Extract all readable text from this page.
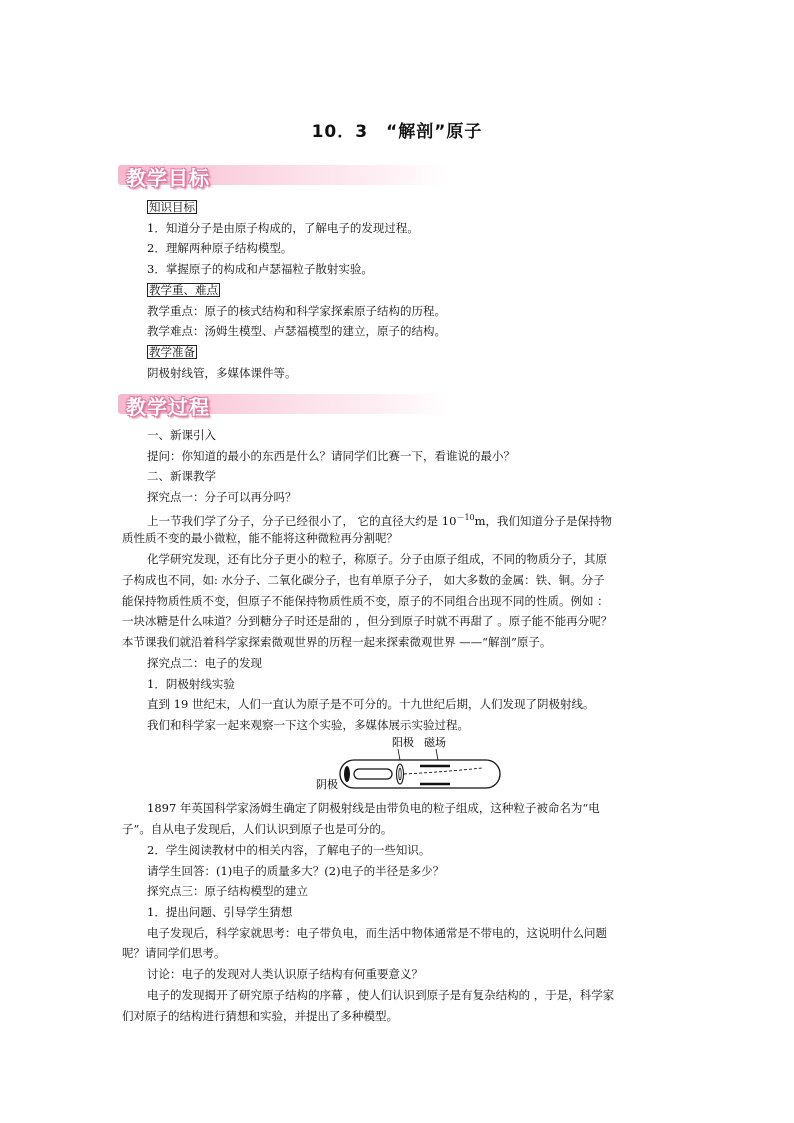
10．3　“解剖”原子
教学目标
知识目标
1．知道分子是由原子构成的，了解电子的发现过程。
2．理解两种原子结构模型。
3．掌握原子的构成和卢瑟福粒子散射实验。
教学重、难点
教学重点：原子的核式结构和科学家探索原子结构的历程。
教学难点：汤姆生模型、卢瑟福模型的建立，原子的结构。
教学准备
阴极射线管，多媒体课件等。
教学过程
一、新课引入
提问：你知道的最小的东西是什么？请同学们比赛一下，看谁说的最小？
二、新课教学
探究点一：分子可以再分吗？
上一节我们学了分子，分子已经很小了， 它的直径大约是 $10^{-10}m$，我们知道分子是保持物
质性质不变的最小微粒，能不能将这种微粒再分割呢？
化学研究发现，还有比分子更小的粒子，称原子。分子由原子组成，不同的物质分子，其原
子构成也不同，如: 水分子、二氧化碳分子，也有单原子分子， 如大多数的金属：铁、铜。分子
能保持物质性质不变，但原子不能保持物质性质不变，原子的不同组合出现不同的性质。例如 ：
一块冰糖是什么味道？分到糖分子时还是甜的 ，但分到原子时就不再甜了 。原子能不能再分呢？
本节课我们就沿着科学家探索微观世界的历程一起来探索微观世界 ——“解剖”原子。
探究点二：电子的发现
1．阴极射线实验
直到 19 世纪末，人们一直认为原子是不可分的。十九世纪后期，人们发现了阴极射线。
我们和科学家一起来观察一下这个实验，多媒体展示实验过程。
阳极 磁场
阴极
1897 年英国科学家汤姆生确定了阴极射线是由带负电的粒子组成，这种粒子被命名为“电
子”。自从电子发现后，人们认识到原子也是可分的。
2．学生阅读教材中的相关内容，了解电子的一些知识。
请学生回答：(1)电子的质量多大？(2)电子的半径是多少？
探究点三：原子结构模型的建立
1．提出问题、引导学生猜想
电子发现后，科学家就思考：电子带负电，而生活中物体通常是不带电的，这说明什么问题
呢？请同学们思考。
讨论：电子的发现对人类认识原子结构有何重要意义？
电子的发现揭开了研究原子结构的序幕 ，使人们认识到原子是有复杂结构的 ，于是，科学家
们对原子的结构进行猜想和实验，并提出了多种模型。
